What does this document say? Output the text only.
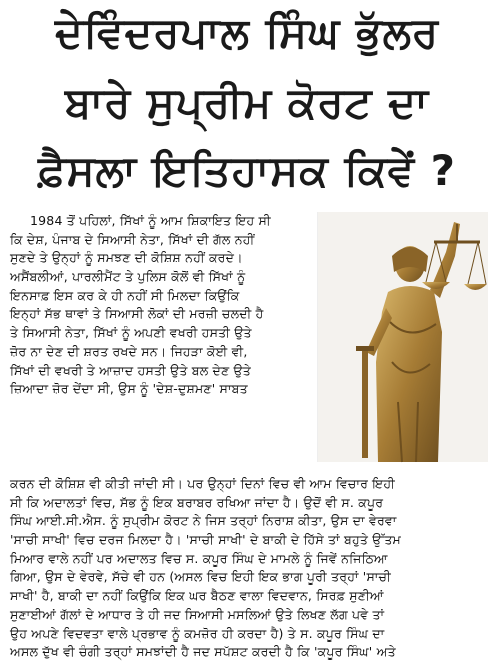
ਦੇਵਿੰਦਰਪਾਲ ਸਿੰਘ ਭੁੱਲਰ
ਬਾਰੇ ਸੁਪ੍ਰੀਮ ਕੋਰਟ ਦਾ
ਫ਼ੈਸਲਾ ਇਤਿਹਾਸਕ ਕਿਵੇਂ ?
1984 ਤੋਂ ਪਹਿਲਾਂ, ਸਿੱਖਾਂ ਨੂੰ ਆਮ ਸ਼ਿਕਾਇਤ ਇਹ ਸੀ
ਕਿ ਦੇਸ਼, ਪੰਜਾਬ ਦੇ ਸਿਆਸੀ ਨੇਤਾ, ਸਿੱਖਾਂ ਦੀ ਗੱਲ ਨਹੀਂ
ਸੁਣਦੇ ਤੇ ਉਨ੍ਹਾਂ ਨੂੰ ਸਮਝਣ ਦੀ ਕੋਸ਼ਿਸ਼ ਨਹੀਂ ਕਰਦੇ।
ਅਸੈਂਬਲੀਆਂ, ਪਾਰਲੀਮੈਂਟ ਤੇ ਪੁਲਿਸ ਕੋਲੋਂ ਵੀ ਸਿੱਖਾਂ ਨੂੰ
ਇਨਸਾਫ਼ ਇਸ ਕਰ ਕੇ ਹੀ ਨਹੀਂ ਸੀ ਮਿਲਦਾ ਕਿਉਂਕਿ
ਇਨ੍ਹਾਂ ਸੱਭ ਥਾਵਾਂ ਤੇ ਸਿਆਸੀ ਲੋਕਾਂ ਦੀ ਮਰਜ਼ੀ ਚਲਦੀ ਹੈ
ਤੇ ਸਿਆਸੀ ਨੇਤਾ, ਸਿੱਖਾਂ ਨੂੰ ਅਪਣੀ ਵਖਰੀ ਹਸਤੀ ਉਤੇ
ਜ਼ੋਰ ਨਾ ਦੇਣ ਦੀ ਸ਼ਰਤ ਰਖਦੇ ਸਨ। ਜਿਹੜਾ ਕੋਈ ਵੀ,
ਸਿੱਖਾਂ ਦੀ ਵਖਰੀ ਤੇ ਆਜ਼ਾਦ ਹਸਤੀ ਉਤੇ ਬਲ ਦੇਣ ਉਤੇ
ਜ਼ਿਆਦਾ ਜ਼ੋਰ ਦੇਂਦਾ ਸੀ, ਉਸ ਨੂੰ 'ਦੇਸ਼-ਦੁਸ਼ਮਣ' ਸਾਬਤ
ਕਰਨ ਦੀ ਕੋਸ਼ਿਸ਼ ਵੀ ਕੀਤੀ ਜਾਂਦੀ ਸੀ। ਪਰ ਉਨ੍ਹਾਂ ਦਿਨਾਂ ਵਿਚ ਵੀ ਆਮ ਵਿਚਾਰ ਇਹੀ
ਸੀ ਕਿ ਅਦਾਲਤਾਂ ਵਿਚ, ਸੱਭ ਨੂੰ ਇਕ ਬਰਾਬਰ ਰਖਿਆ ਜਾਂਦਾ ਹੈ। ਉਦੋਂ ਵੀ ਸ. ਕਪੂਰ
ਸਿੰਘ ਆਈ.ਸੀ.ਐਸ. ਨੂੰ ਸੁਪ੍ਰੀਮ ਕੋਰਟ ਨੇ ਜਿਸ ਤਰ੍ਹਾਂ ਨਿਰਾਸ਼ ਕੀਤਾ, ਉਸ ਦਾ ਵੇਰਵਾ
'ਸਾਚੀ ਸਾਖੀ' ਵਿਚ ਦਰਜ ਮਿਲਦਾ ਹੈ। 'ਸਾਚੀ ਸਾਖੀ' ਦੇ ਬਾਕੀ ਦੇ ਹਿੱਸੇ ਤਾਂ ਬਹੁਤੇ ਉੱਤਮ
ਮਿਆਰ ਵਾਲੇ ਨਹੀਂ ਪਰ ਅਦਾਲਤ ਵਿਚ ਸ. ਕਪੂਰ ਸਿੰਘ ਦੇ ਮਾਮਲੇ ਨੂੰ ਜਿਵੇਂ ਨਜਿਠਿਆ
ਗਿਆ, ਉਸ ਦੇ ਵੇਰਵੇ, ਸੱਚੇ ਵੀ ਹਨ (ਅਸਲ ਵਿਚ ਇਹੀ ਇਕ ਭਾਗ ਪੂਰੀ ਤਰ੍ਹਾਂ 'ਸਾਚੀ
ਸਾਖੀ' ਹੈ, ਬਾਕੀ ਦਾ ਨਹੀਂ ਕਿਉਂਕਿ ਇਕ ਘਰ ਬੈਠਣ ਵਾਲਾ ਵਿਦਵਾਨ, ਸਿਰਫ਼ ਸੁਣੀਆਂ
ਸੁਣਾਈਆਂ ਗੱਲਾਂ ਦੇ ਆਧਾਰ ਤੇ ਹੀ ਜਦ ਸਿਆਸੀ ਮਸਲਿਆਂ ਉਤੇ ਲਿਖਣ ਲੱਗ ਪਵੇ ਤਾਂ
ਉਹ ਅਪਣੇ ਵਿਦਵਤਾ ਵਾਲੇ ਪ੍ਰਭਾਵ ਨੂੰ ਕਮਜ਼ੋਰ ਹੀ ਕਰਦਾ ਹੈ) ਤੇ ਸ. ਕਪੂਰ ਸਿੰਘ ਦਾ
ਅਸਲ ਦੁੱਖ ਵੀ ਚੰਗੀ ਤਰ੍ਹਾਂ ਸਮਝਾਂਦੀ ਹੈ ਜਦ ਸਪੱਸ਼ਟ ਕਰਦੀ ਹੈ ਕਿ 'ਕਪੂਰ ਸਿੰਘ' ਅਤੇ
